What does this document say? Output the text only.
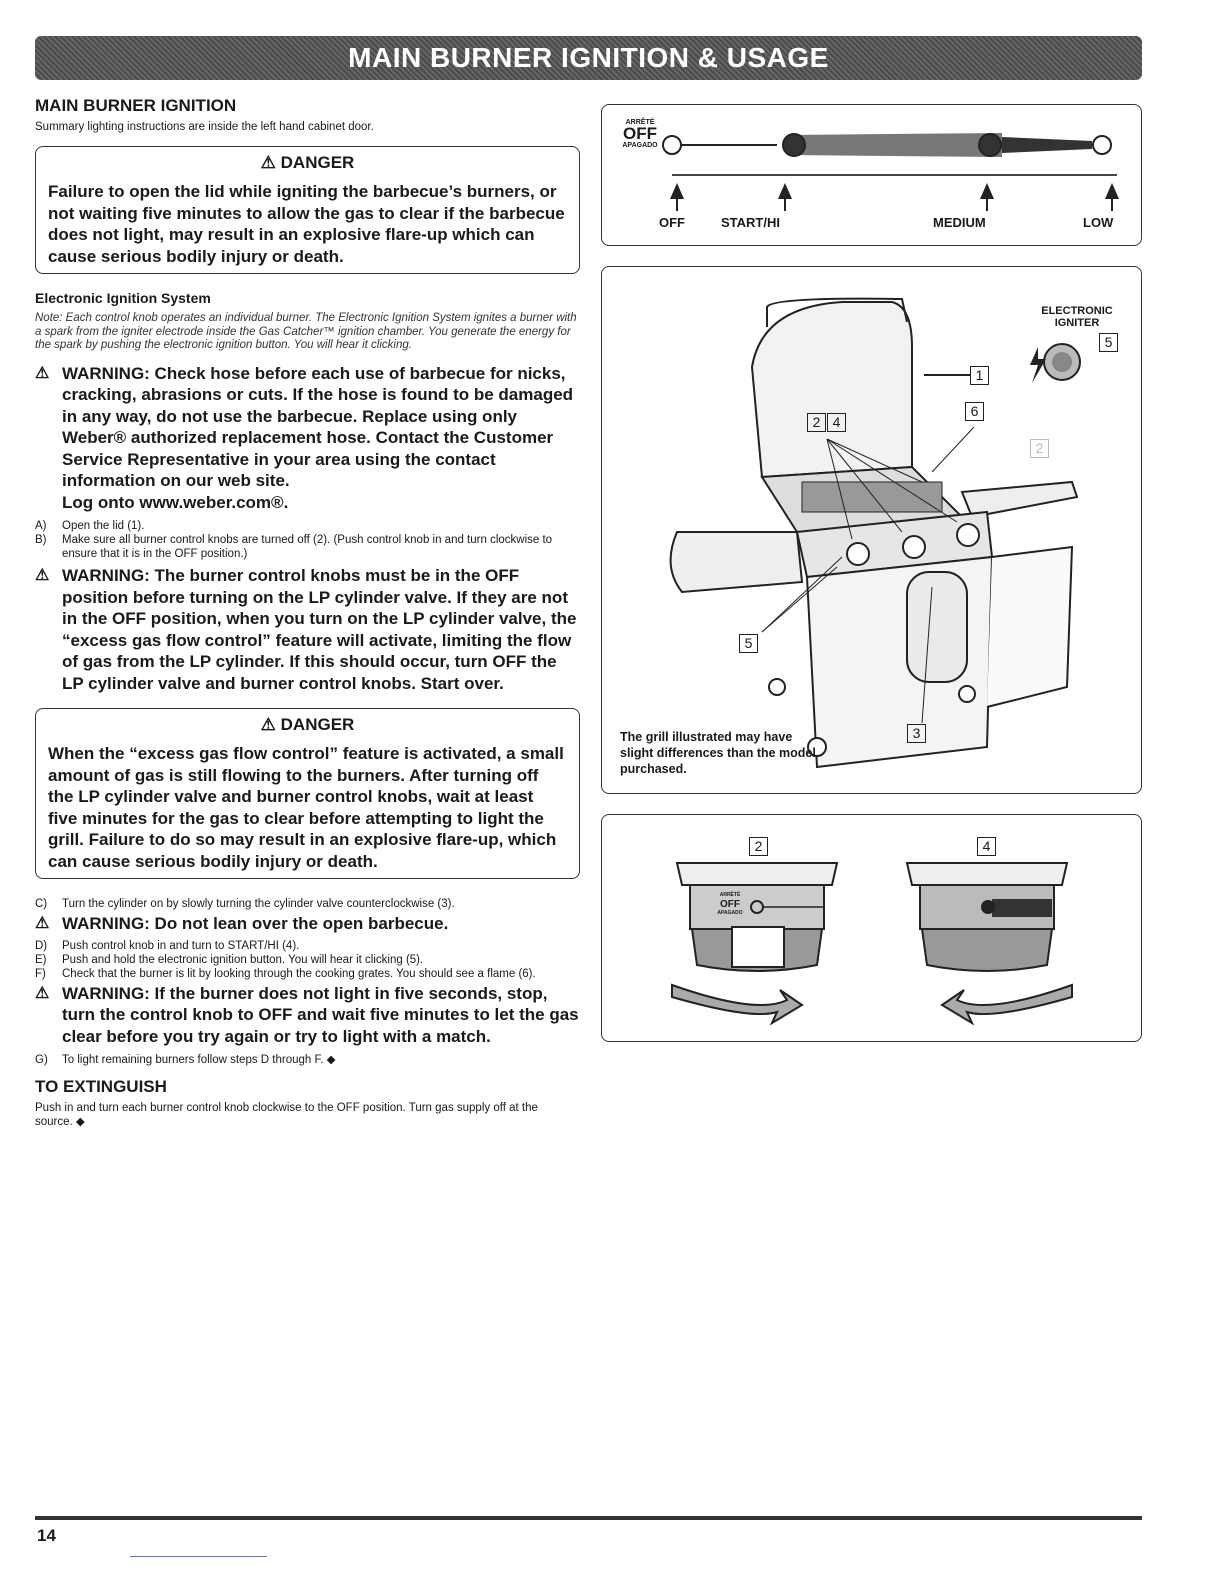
MAIN BURNER IGNITION & USAGE
MAIN BURNER IGNITION

Summary lighting instructions are inside the left hand cabinet door.

⚠ DANGER
Failure to open the lid while igniting the barbecue’s burners, or not waiting five minutes to allow the gas to clear if the barbecue does not light, may result in an explosive flare-up which can cause serious bodily injury or death.
Electronic Ignition System

Note: Each control knob operates an individual burner. The Electronic Ignition System ignites a burner with a spark from the igniter electrode inside the Gas Catcher™ ignition chamber. You generate the energy for the spark by pushing the electronic ignition button. You will hear it clicking.

⚠ WARNING: Check hose before each use of barbecue for nicks, cracking, abrasions or cuts. If the hose is found to be damaged in any way, do not use the barbecue. Replace using only Weber® authorized replacement hose. Contact the Customer Service Representative in your area using the contact information on our web site.
Log onto www.weber.com®.
A)	Open the lid (1).
B)	Make sure all burner control knobs are turned off (2). (Push control knob in and turn clockwise to ensure that it is in the OFF position.)
⚠ WARNING: The burner control knobs must be in the OFF position before turning on the LP cylinder valve. If they are not in the OFF position, when you turn on the LP cylinder valve, the “excess gas flow control” feature will activate, limiting the flow of gas from the LP cylinder. If this should occur, turn OFF the LP cylinder valve and burner control knobs. Start over.
⚠ DANGER
When the “excess gas flow control” feature is activated, a small amount of gas is still flowing to the burners. After turning off the LP cylinder valve and burner control knobs, wait at least five minutes for the gas to clear before attempting to light the grill. Failure to do so may result in an explosive flare-up, which can cause serious bodily injury or death.
C)	Turn the cylinder on by slowly turning the cylinder valve counterclockwise (3).
⚠ WARNING: Do not lean over the open barbecue.
D)	Push control knob in and turn to START/HI (4).
E)	Push and hold the electronic ignition button. You will hear it clicking (5).
F)	Check that the burner is lit by looking through the cooking grates. You should see a flame (6).
⚠ WARNING: If the burner does not light in five seconds, stop, turn the control knob to OFF and wait five minutes to let the gas clear before you try again or try to light with a match.
G)	To light remaining burners follow steps D through F. ◆
TO EXTINGUISH

Push in and turn each burner control knob clockwise to the OFF position. Turn gas supply off at the source. ◆

ARRÊTÉ
OFF
APAGADO
OFF	START/HI	MEDIUM	LOW
ELECTRONIC IGNITER
1
2 4
5
6
5
3
2
The grill illustrated may have slight differences than the model purchased.
2	4
ARRÊTÉ
OFF
APAGADO
14
